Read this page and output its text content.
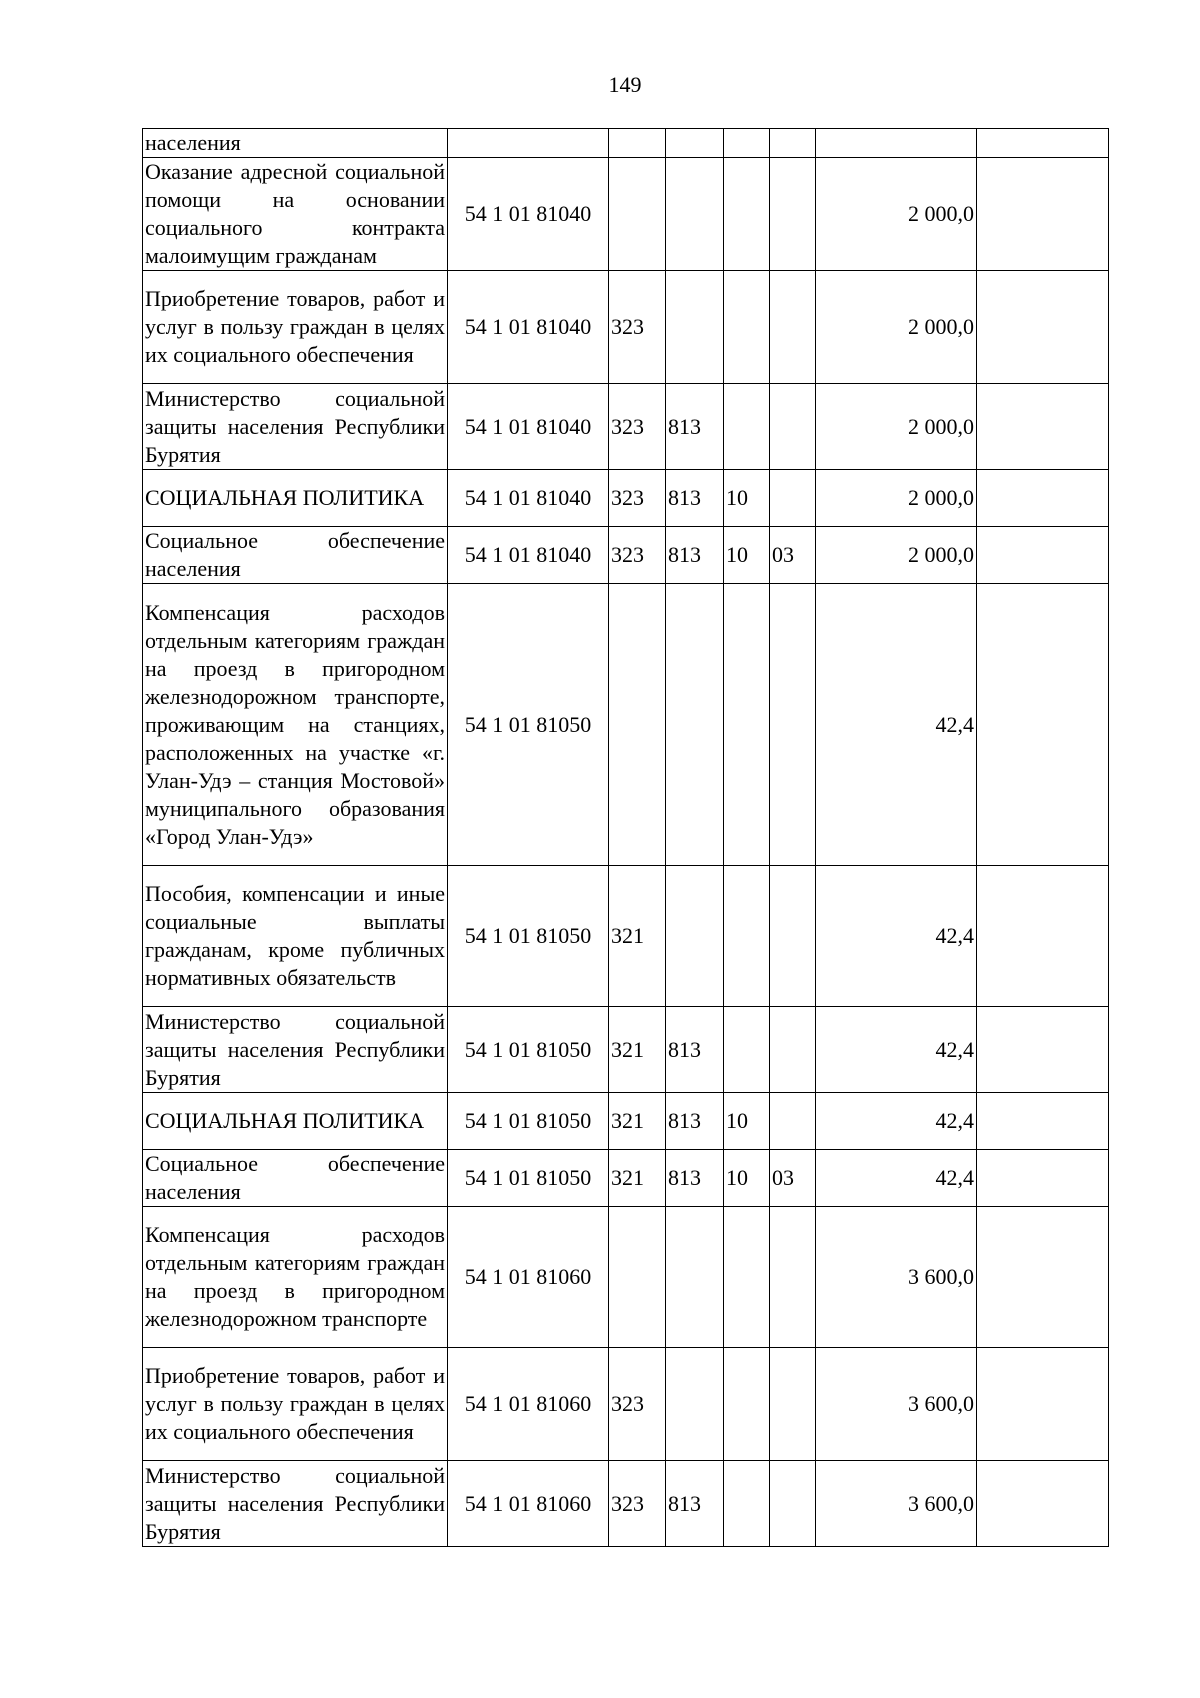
149
населения							
Оказание адресной социальной помощи на основании социального контракта малоимущим гражданам	54 1 01 81040					2 000,0	
Приобретение товаров, работ и услуг в пользу граждан в целях их социального обеспечения	54 1 01 81040	323				2 000,0	
Министерство социальной защиты населения Республики Бурятия	54 1 01 81040	323	813			2 000,0	
СОЦИАЛЬНАЯ ПОЛИТИКА	54 1 01 81040	323	813	10		2 000,0	
Социальное обеспечение населения	54 1 01 81040	323	813	10	03	2 000,0	
Компенсация расходов отдельным категориям граждан на проезд в пригородном железнодорожном транспорте, проживающим на станциях, расположенных на участке «г. Улан-Удэ – станция Мостовой» муниципального образования «Город Улан-Удэ»	54 1 01 81050					42,4	
Пособия, компенсации и иные социальные выплаты гражданам, кроме публичных нормативных обязательств	54 1 01 81050	321				42,4	
Министерство социальной защиты населения Республики Бурятия	54 1 01 81050	321	813			42,4	
СОЦИАЛЬНАЯ ПОЛИТИКА	54 1 01 81050	321	813	10		42,4	
Социальное обеспечение населения	54 1 01 81050	321	813	10	03	42,4	
Компенсация расходов отдельным категориям граждан на проезд в пригородном железнодорожном транспорте	54 1 01 81060					3 600,0	
Приобретение товаров, работ и услуг в пользу граждан в целях их социального обеспечения	54 1 01 81060	323				3 600,0	
Министерство социальной защиты населения Республики Бурятия	54 1 01 81060	323	813			3 600,0	
